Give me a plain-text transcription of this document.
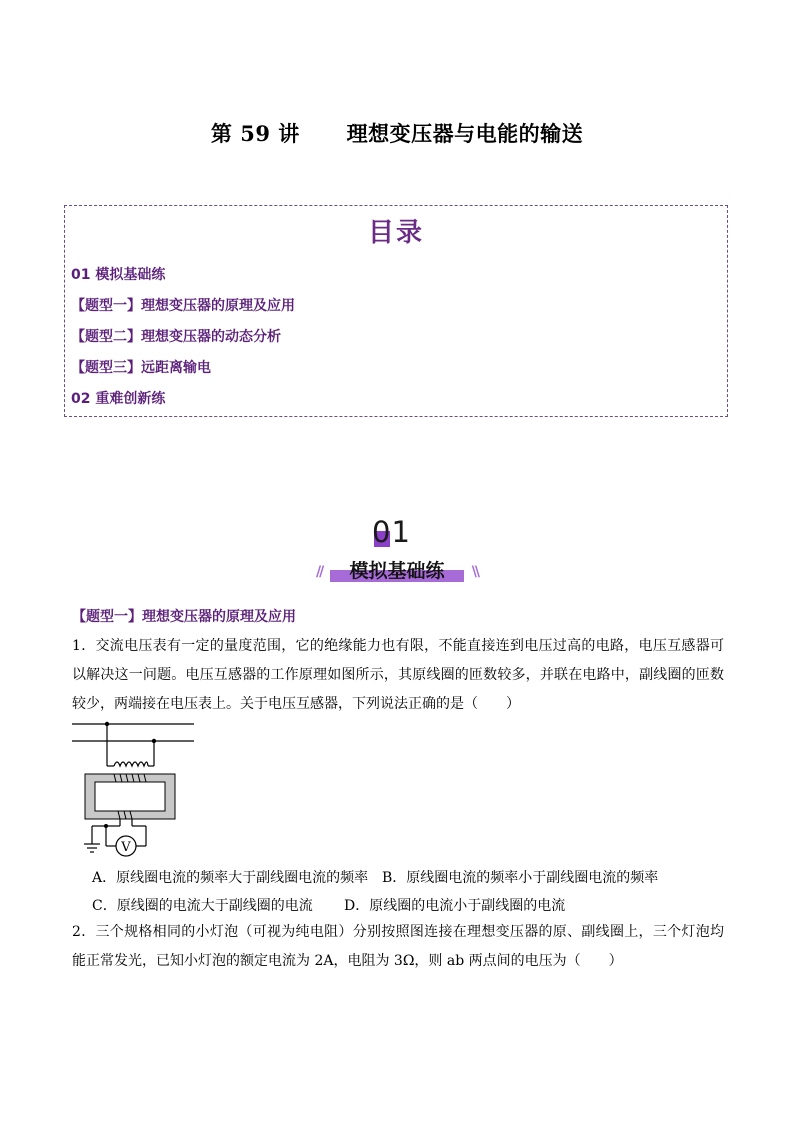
第 59 讲      理想变压器与电能的输送
目录
01 模拟基础练
【题型一】理想变压器的原理及应用
【题型二】理想变压器的动态分析
【题型三】远距离输电
02 重难创新练
01
//	\\
模拟基础练
【题型一】理想变压器的原理及应用
1．交流电压表有一定的量度范围，它的绝缘能力也有限，不能直接连到电压过高的电路，电压互感器可以解决这一问题。电压互感器的工作原理如图所示，其原线圈的匝数较多，并联在电路中，副线圈的匝数较少，两端接在电压表上。关于电压互感器，下列说法正确的是（　　）
V
A．原线圈电流的频率大于副线圈电流的频率 B．原线圈电流的频率小于副线圈电流的频率
C．原线圈的电流大于副线圈的电流 D．原线圈的电流小于副线圈的电流
2．三个规格相同的小灯泡（可视为纯电阻）分别按照图连接在理想变压器的原、副线圈上，三个灯泡均能正常发光，已知小灯泡的额定电流为 2A，电阻为 3Ω，则 ab 两点间的电压为（　　）
